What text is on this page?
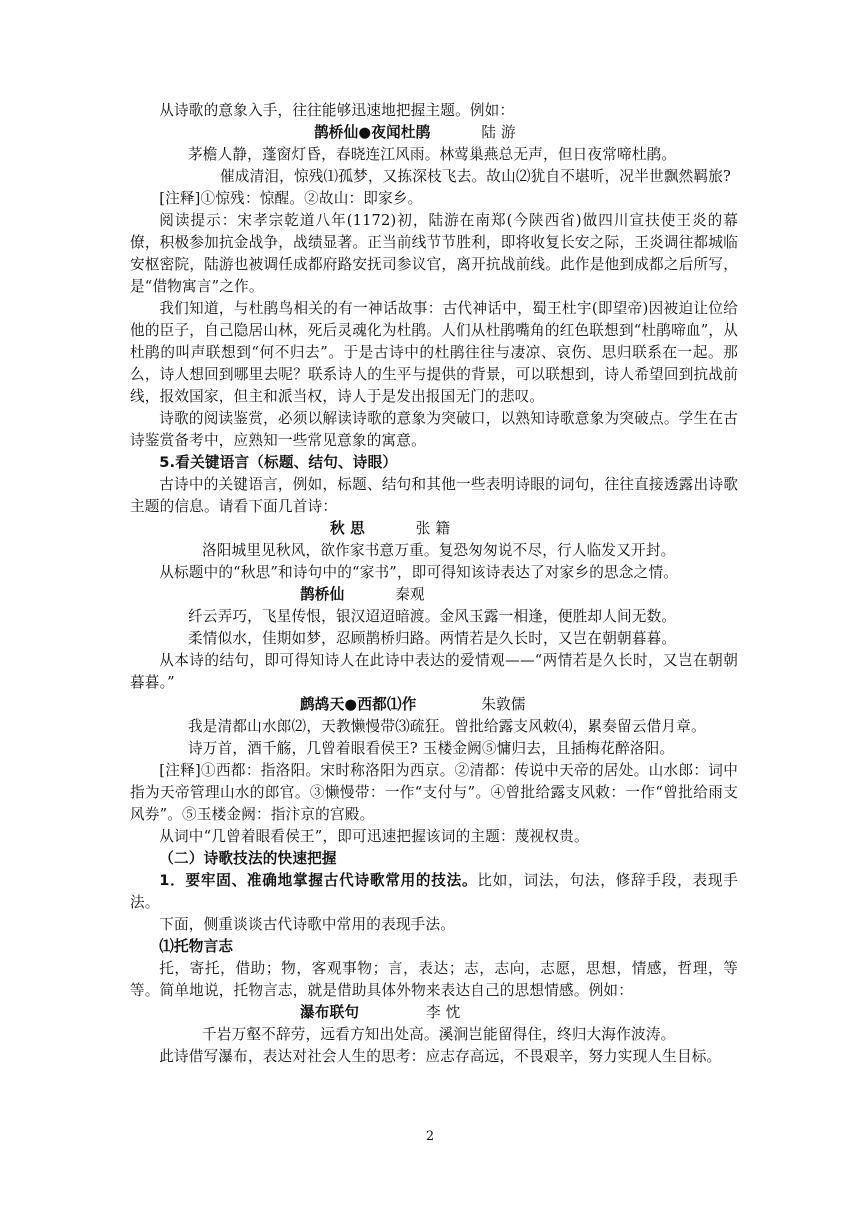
从诗歌的意象入手，往往能够迅速地把握主题。例如：

鹊桥仙●夜闻杜鹃	陆 游

茅檐人静，蓬窗灯昏，春晓连江风雨。林莺巢燕总无声，但日夜常啼杜鹃。

催成清泪，惊残⑴孤梦，又拣深枝飞去。故山⑵犹自不堪听，况半世飘然羁旅?

[注释]①惊残：惊醒。②故山：即家乡。

阅读提示：宋孝宗乾道八年(1172)初，陆游在南郑(今陕西省)做四川宣扶使王炎的幕僚，积极参加抗金战争，战绩显著。正当前线节节胜利，即将收复长安之际，王炎调往都城临安枢密院，陆游也被调任成都府路安抚司参议官，离开抗战前线。此作是他到成都之后所写，是“借物寓言”之作。

我们知道，与杜鹃鸟相关的有一神话故事：古代神话中，蜀王杜宇(即望帝)因被迫让位给他的臣子，自己隐居山林，死后灵魂化为杜鹃。人们从杜鹃嘴角的红色联想到“杜鹃啼血”，从杜鹃的叫声联想到“何不归去”。于是古诗中的杜鹃往往与凄凉、哀伤、思归联系在一起。那么，诗人想回到哪里去呢？联系诗人的生平与提供的背景，可以联想到，诗人希望回到抗战前线，报效国家，但主和派当权，诗人于是发出报国无门的悲叹。

诗歌的阅读鉴赏，必须以解读诗歌的意象为突破口，以熟知诗歌意象为突破点。学生在古诗鉴赏备考中，应熟知一些常见意象的寓意。

5.看关键语言（标题、结句、诗眼）

古诗中的关键语言，例如，标题、结句和其他一些表明诗眼的词句，往往直接透露出诗歌主题的信息。请看下面几首诗：

秋 思	张 籍

洛阳城里见秋风，欲作家书意万重。复恐匆匆说不尽，行人临发又开封。

从标题中的“秋思”和诗句中的“家书”，即可得知该诗表达了对家乡的思念之情。

鹊桥仙	秦观

纤云弄巧，飞星传恨，银汉迢迢暗渡。金风玉露一相逢，便胜却人间无数。

柔情似水，佳期如梦，忍顾鹊桥归路。两情若是久长时，又岂在朝朝暮暮。

从本诗的结句，即可得知诗人在此诗中表达的爱情观——“两情若是久长时，又岂在朝朝暮暮。”

鹧鸪天●西都⑴作	朱敦儒

我是清都山水郎⑵，天教懒慢带⑶疏狂。曾批给露支风敕⑷，累奏留云借月章。

诗万首，酒千觞，几曾着眼看侯王? 玉楼金阙⑤慵归去，且插梅花醉洛阳。

[注释]①西都：指洛阳。宋时称洛阳为西京。②清都：传说中天帝的居处。山水郎：词中指为天帝管理山水的郎官。③懒慢带：一作“支付与”。④曾批给露支风敕：一作“曾批给雨支风券”。⑤玉楼金阙：指汴京的宫殿。

从词中“几曾着眼看侯王”，即可迅速把握该词的主题：蔑视权贵。

（二）诗歌技法的快速把握

1．要牢固、准确地掌握古代诗歌常用的技法。比如，词法，句法，修辞手段，表现手法。

下面，侧重谈谈古代诗歌中常用的表现手法。

⑴托物言志

托，寄托，借助；物，客观事物；言，表达；志，志向，志愿，思想，情感，哲理，等等。简单地说，托物言志，就是借助具体外物来表达自己的思想情感。例如：

瀑布联句	李 忱

千岩万壑不辞劳，远看方知出处高。溪涧岂能留得住，终归大海作波涛。

此诗借写瀑布，表达对社会人生的思考：应志存高远，不畏艰辛，努力实现人生目标。

2
